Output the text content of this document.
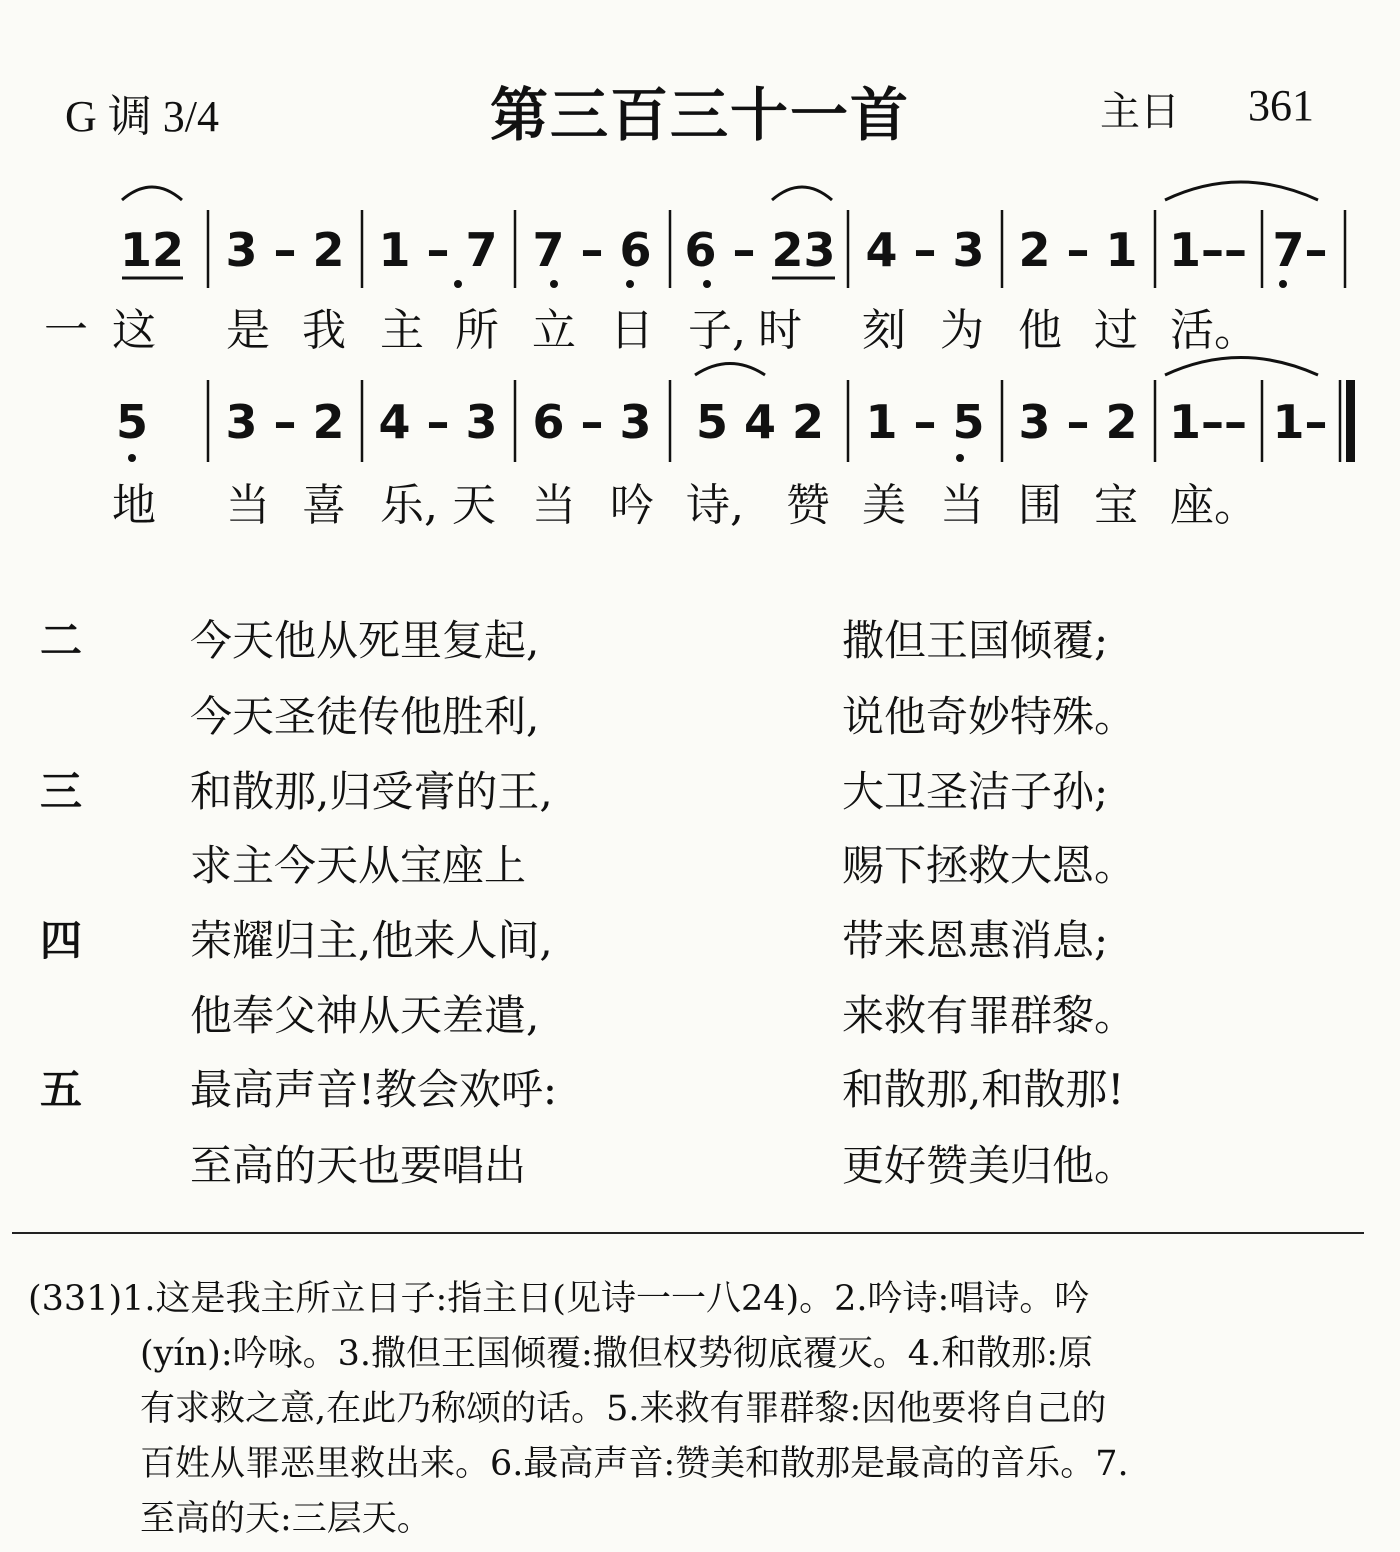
G 调 3/4	第三百三十一首	主日 361
12 3 – 2 1 – 7 7 – 6 6 – 23 4 – 3 2 – 1 1–– 7–
一 这 是 我 主 所 立 日 子, 时 刻 为 他 过 活。
5 3 – 2 4 – 3 6 – 3 5 4 2 1 – 5 3 – 2 1–– 1–
地 当 喜 乐, 天 当 吟 诗, 赞 美 当 围 宝 座。
二	今天他从死里复起,	撒但王国倾覆;
今天圣徒传他胜利,	说他奇妙特殊。
三	和散那,归受膏的王,	大卫圣洁子孙;
求主今天从宝座上	赐下拯救大恩。
四	荣耀归主,他来人间,	带来恩惠消息;
他奉父神从天差遣,	来救有罪群黎。
五	最高声音!教会欢呼:	和散那,和散那!
至高的天也要唱出	更好赞美归他。
(331)1.这是我主所立日子:指主日(见诗一一八24)。2.吟诗:唱诗。吟
(yín):吟咏。3.撒但王国倾覆:撒但权势彻底覆灭。4.和散那:原
有求救之意,在此乃称颂的话。5.来救有罪群黎:因他要将自己的
百姓从罪恶里救出来。6.最高声音:赞美和散那是最高的音乐。7.
至高的天:三层天。
